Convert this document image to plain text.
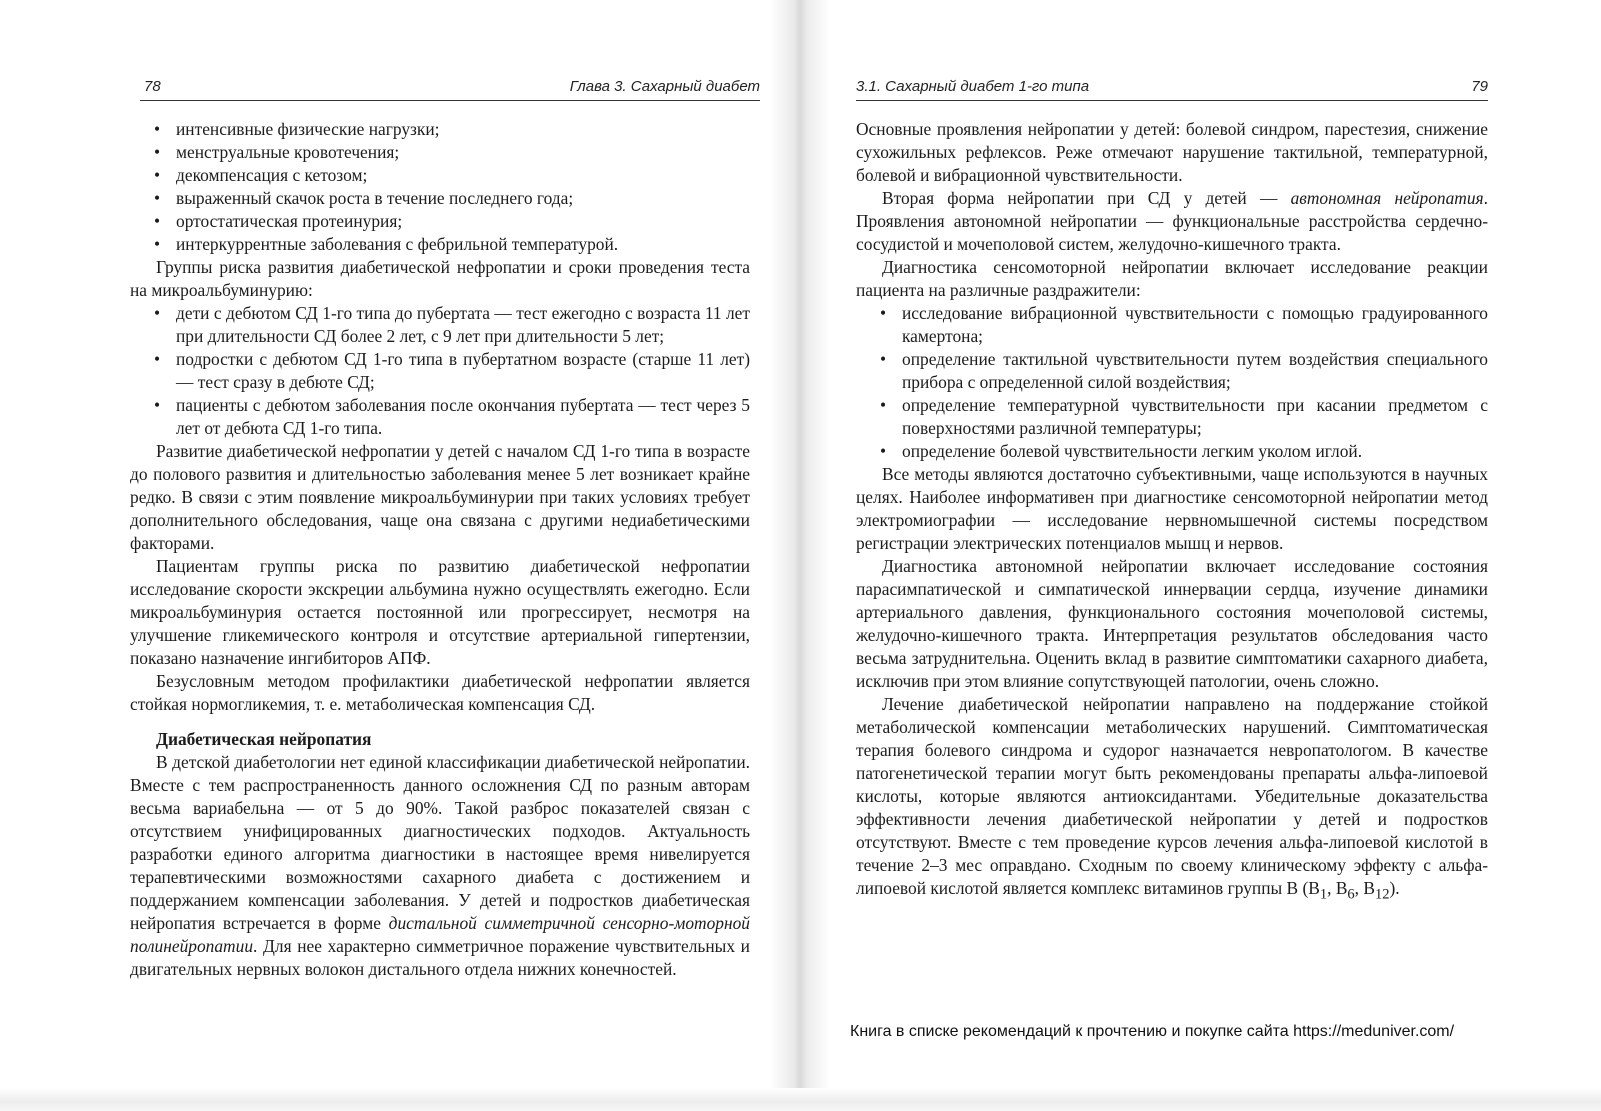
78	Глава 3. Сахарный диабет
• интенсивные физические нагрузки;
• менструальные кровотечения;
• декомпенсация с кетозом;
• выраженный скачок роста в течение последнего года;
• ортостатическая протеинурия;
• интеркуррентные заболевания с фебрильной температурой.

Группы риска развития диабетической нефропатии и сроки проведения теста на микроальбуминурию:

• дети с дебютом СД 1-го типа до пубертата — тест ежегодно с возраста 11 лет при длительности СД более 2 лет, с 9 лет при длительности 5 лет;
• подростки с дебютом СД 1-го типа в пубертатном возрасте (старше 11 лет) — тест сразу в дебюте СД;
• пациенты с дебютом заболевания после окончания пубертата — тест через 5 лет от дебюта СД 1-го типа.

Развитие диабетической нефропатии у детей с началом СД 1-го типа в возрасте до полового развития и длительностью заболевания менее 5 лет возникает крайне редко. В связи с этим появление микроальбуминурии при таких условиях требует дополнительного обследования, чаще она связана с другими недиабетическими факторами.

Пациентам группы риска по развитию диабетической нефропатии исследование скорости экскреции альбумина нужно осуществлять ежегодно. Если микроальбуминурия остается постоянной или прогрессирует, несмотря на улучшение гликемического контроля и отсутствие артериальной гипертензии, показано назначение ингибиторов АПФ.

Безусловным методом профилактики диабетической нефропатии является стойкая нормогликемия, т. е. метаболическая компенсация СД.

Диабетическая нейропатия

В детской диабетологии нет единой классификации диабетической нейропатии. Вместе с тем распространенность данного осложнения СД по разным авторам весьма вариабельна — от 5 до 90%. Такой разброс показателей связан с отсутствием унифицированных диагностических подходов. Актуальность разработки единого алгоритма диагностики в настоящее время нивелируется терапевтическими возможностями сахарного диабета с достижением и поддержанием компенсации заболевания. У детей и подростков диабетическая нейропатия встречается в форме дистальной симметричной сенсорно-моторной полинейропатии. Для нее характерно симметричное поражение чувствительных и двигательных нервных волокон дистального отдела нижних конечностей.

3.1. Сахарный диабет 1-го типа	79

Основные проявления нейропатии у детей: болевой синдром, парестезия, снижение сухожильных рефлексов. Реже отмечают нарушение тактильной, температурной, болевой и вибрационной чувствительности.

Вторая форма нейропатии при СД у детей — автономная нейропатия. Проявления автономной нейропатии — функциональные расстройства сердечно-сосудистой и мочеполовой систем, желудочно-кишечного тракта.

Диагностика сенсомоторной нейропатии включает исследование реакции пациента на различные раздражители:

• исследование вибрационной чувствительности с помощью градуированного камертона;
• определение тактильной чувствительности путем воздействия специального прибора с определенной силой воздействия;
• определение температурной чувствительности при касании предметом с поверхностями различной температуры;
• определение болевой чувствительности легким уколом иглой.

Все методы являются достаточно субъективными, чаще используются в научных целях. Наиболее информативен при диагностике сенсомоторной нейропатии метод электромиографии — исследование нервномышечной системы посредством регистрации электрических потенциалов мышц и нервов.

Диагностика автономной нейропатии включает исследование состояния парасимпатической и симпатической иннервации сердца, изучение динамики артериального давления, функционального состояния мочеполовой системы, желудочно-кишечного тракта. Интерпретация результатов обследования часто весьма затруднительна. Оценить вклад в развитие симптоматики сахарного диабета, исключив при этом влияние сопутствующей патологии, очень сложно.

Лечение диабетической нейропатии направлено на поддержание стойкой метаболической компенсации метаболических нарушений. Симптоматическая терапия болевого синдрома и судорог назначается невропатологом. В качестве патогенетической терапии могут быть рекомендованы препараты альфа-липоевой кислоты, которые являются антиоксидантами. Убедительные доказательства эффективности лечения диабетической нейропатии у детей и подростков отсутствуют. Вместе с тем проведение курсов лечения альфа-липоевой кислотой в течение 2–3 мес оправдано. Сходным по своему клиническому эффекту с альфа-липоевой кислотой является комплекс витаминов группы В ($В_1$, $В_6$, $В_{12}$).

Книга в списке рекомендаций к прочтению и покупке сайта https://meduniver.com/
